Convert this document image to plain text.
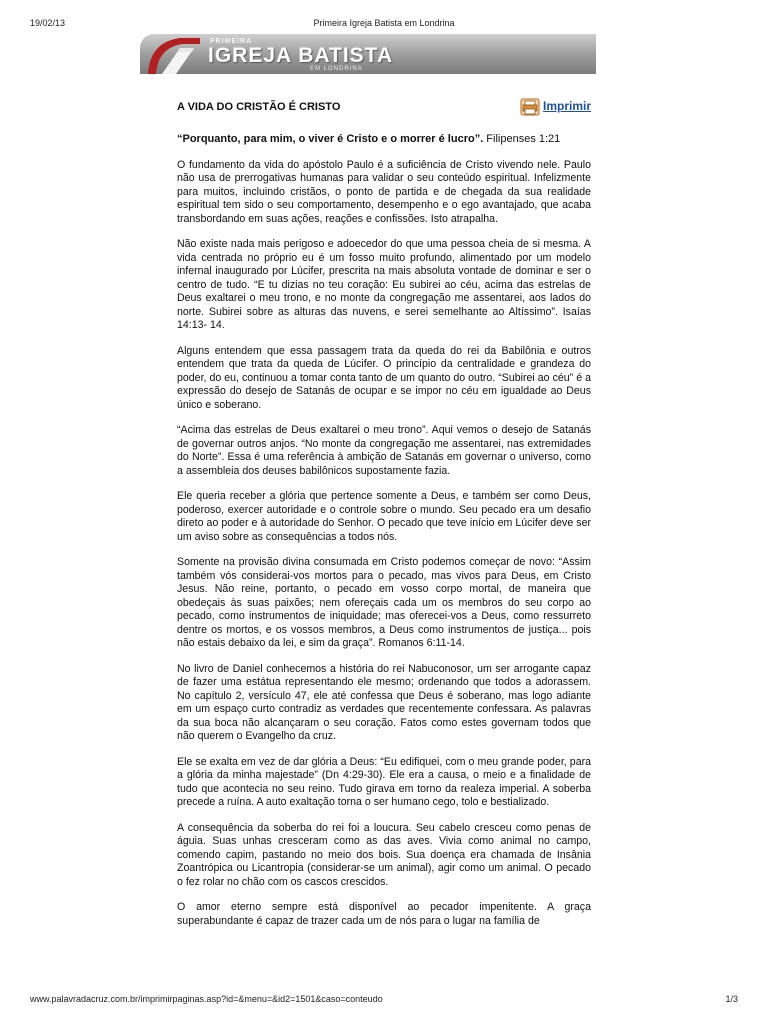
19/02/13	Primeira Igreja Batista em Londrina
PRIMEIRA
IGREJA BATISTA
EM LONDRINA
A VIDA DO CRISTÃO É CRISTO	Imprimir

“Porquanto, para mim, o viver é Cristo e o morrer é lucro”. Filipenses 1:21

O fundamento da vida do apóstolo Paulo é a suficiência de Cristo vivendo nele. Paulo não usa de prerrogativas humanas para validar o seu conteúdo espiritual. Infelizmente para muitos, incluindo cristãos, o ponto de partida e de chegada da sua realidade espiritual tem sido o seu comportamento, desempenho e o ego avantajado, que acaba transbordando em suas ações, reações e confissões. Isto atrapalha.

Não existe nada mais perigoso e adoecedor do que uma pessoa cheia de si mesma. A vida centrada no próprio eu é um fosso muito profundo, alimentado por um modelo infernal inaugurado por Lúcifer, prescrita na mais absoluta vontade de dominar e ser o centro de tudo. “E tu dizias no teu coração: Eu subirei ao céu, acima das estrelas de Deus exaltarei o meu trono, e no monte da congregação me assentarei, aos lados do norte. Subirei sobre as alturas das nuvens, e serei semelhante ao Altíssimo”. Isaías 14:13- 14.

Alguns entendem que essa passagem trata da queda do rei da Babilônia e outros entendem que trata da queda de Lúcifer. O princípio da centralidade e grandeza do poder, do eu, continuou a tomar conta tanto de um quanto do outro. “Subirei ao céu” é a expressão do desejo de Satanás de ocupar e se impor no céu em igualdade ao Deus único e soberano.

“Acima das estrelas de Deus exaltarei o meu trono”. Aqui vemos o desejo de Satanás de governar outros anjos. “No monte da congregação me assentarei, nas extremidades do Norte”. Essa é uma referência à ambição de Satanás em governar o universo, como a assembleia dos deuses babilônicos supostamente fazia.

Ele queria receber a glória que pertence somente a Deus, e também ser como Deus, poderoso, exercer autoridade e o controle sobre o mundo. Seu pecado era um desafio direto ao poder e à autoridade do Senhor. O pecado que teve início em Lúcifer deve ser um aviso sobre as consequências a todos nós.

Somente na provisão divina consumada em Cristo podemos começar de novo: “Assim também vós considerai-vos mortos para o pecado, mas vivos para Deus, em Cristo Jesus. Não reine, portanto, o pecado em vosso corpo mortal, de maneira que obedeçais às suas paixões; nem ofereçais cada um os membros do seu corpo ao pecado, como instrumentos de iniquidade; mas oferecei-vos a Deus, como ressurreto dentre os mortos, e os vossos membros, a Deus como instrumentos de justiça... pois não estais debaixo da lei, e sim da graça”. Romanos 6:11-14.

No livro de Daniel conhecemos a história do rei Nabuconosor, um ser arrogante capaz de fazer uma estátua representando ele mesmo; ordenando que todos a adorassem. No capítulo 2, versículo 47, ele até confessa que Deus é soberano, mas logo adiante em um espaço curto contradiz as verdades que recentemente confessara. As palavras da sua boca não alcançaram o seu coração. Fatos como estes governam todos que não querem o Evangelho da cruz.

Ele se exalta em vez de dar glória a Deus: “Eu edifiquei, com o meu grande poder, para a glória da minha majestade” (Dn 4:29-30). Ele era a causa, o meio e a finalidade de tudo que acontecia no seu reino. Tudo girava em torno da realeza imperial. A soberba precede a ruína. A auto exaltação torna o ser humano cego, tolo e bestializado.

A consequência da soberba do rei foi a loucura. Seu cabelo cresceu como penas de águia. Suas unhas cresceram como as das aves. Vivia como animal no campo, comendo capim, pastando no meio dos bois. Sua doença era chamada de Insânia Zoantrópica ou Licantropia (considerar-se um animal), agir como um animal. O pecado o fez rolar no chão com os cascos crescidos.

O amor eterno sempre está disponível ao pecador impenitente. A graça superabundante é capaz de trazer cada um de nós para o lugar na família de

www.palavradacruz.com.br/imprimirpaginas.asp?id=&menu=&id2=1501&caso=conteudo	1/3
